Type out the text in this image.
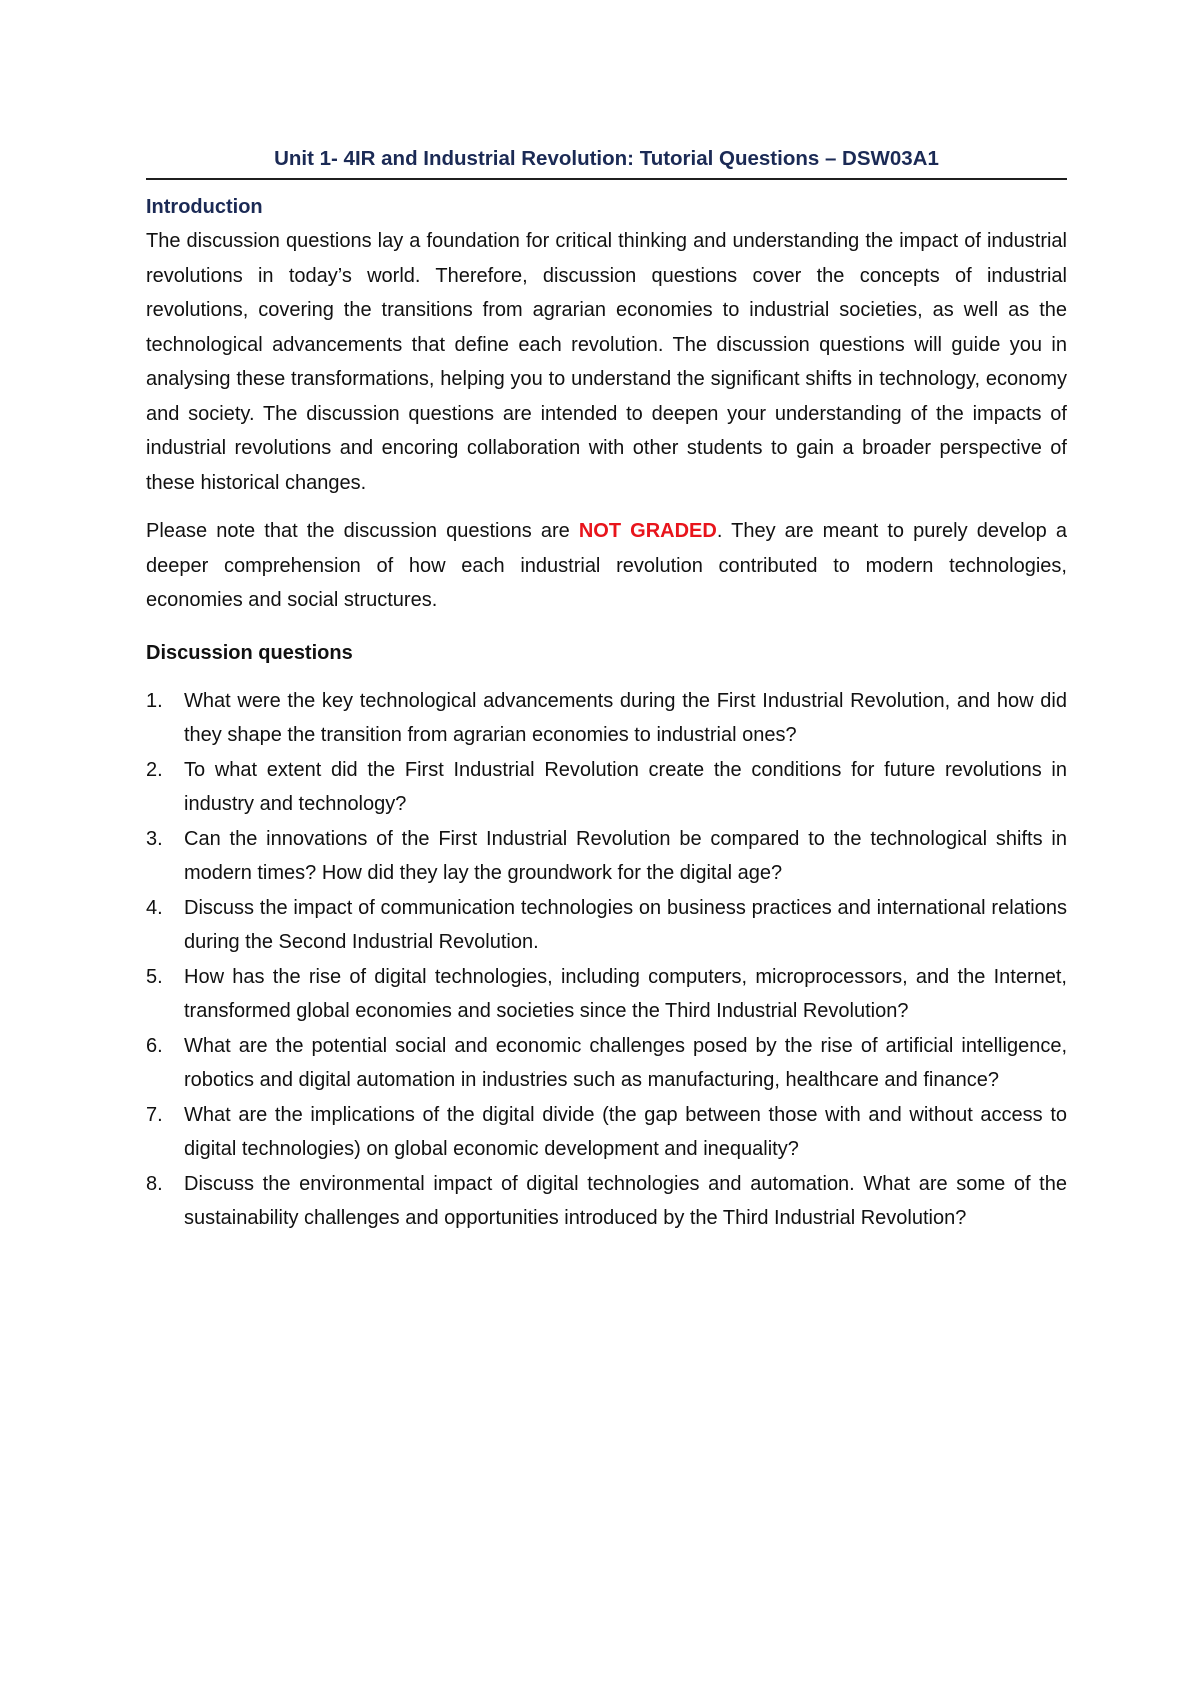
Unit 1- 4IR and Industrial Revolution: Tutorial Questions – DSW03A1
Introduction

The discussion questions lay a foundation for critical thinking and understanding the impact of industrial revolutions in today’s world. Therefore, discussion questions cover the concepts of industrial revolutions, covering the transitions from agrarian economies to industrial societies, as well as the technological advancements that define each revolution. The discussion questions will guide you in analysing these transformations, helping you to understand the significant shifts in technology, economy and society. The discussion questions are intended to deepen your understanding of the impacts of industrial revolutions and encoring collaboration with other students to gain a broader perspective of these historical changes.

Please note that the discussion questions are NOT GRADED. They are meant to purely develop a deeper comprehension of how each industrial revolution contributed to modern technologies, economies and social structures.

Discussion questions
1.	What were the key technological advancements during the First Industrial Revolution, and how did they shape the transition from agrarian economies to industrial ones?
2.	To what extent did the First Industrial Revolution create the conditions for future revolutions in industry and technology?
3.	Can the innovations of the First Industrial Revolution be compared to the technological shifts in modern times? How did they lay the groundwork for the digital age?
4.	Discuss the impact of communication technologies on business practices and international relations during the Second Industrial Revolution.
5.	How has the rise of digital technologies, including computers, microprocessors, and the Internet, transformed global economies and societies since the Third Industrial Revolution?
6.	What are the potential social and economic challenges posed by the rise of artificial intelligence, robotics and digital automation in industries such as manufacturing, healthcare and finance?
7.	What are the implications of the digital divide (the gap between those with and without access to digital technologies) on global economic development and inequality?
8.	Discuss the environmental impact of digital technologies and automation. What are some of the sustainability challenges and opportunities introduced by the Third Industrial Revolution?
